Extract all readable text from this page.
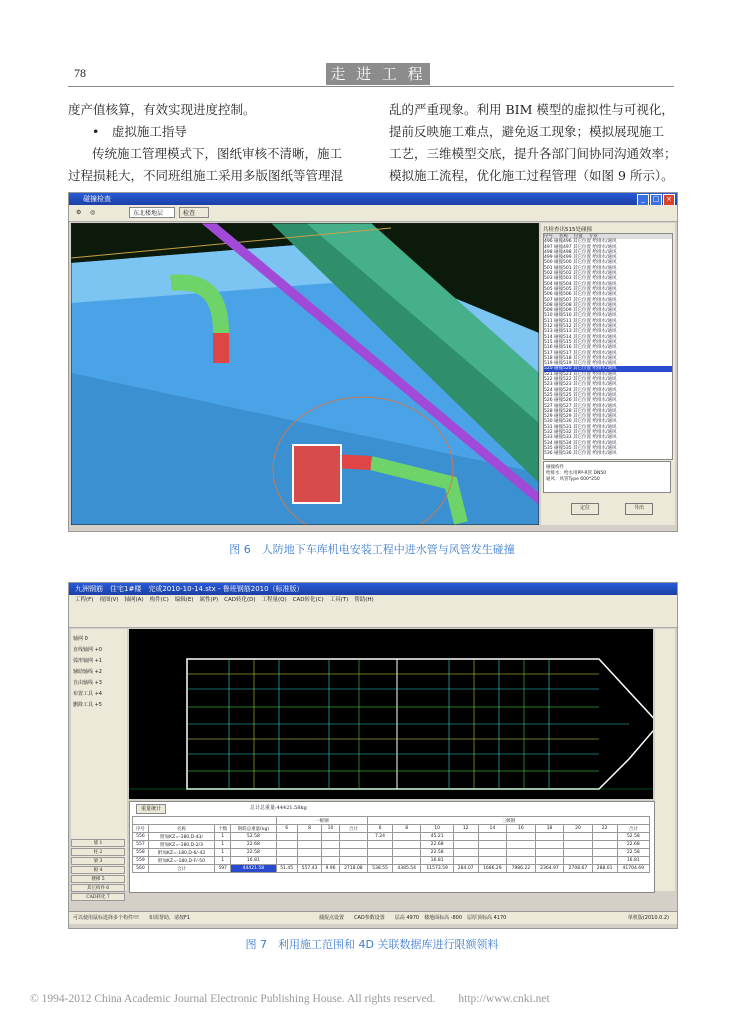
78	走 进 工 程

度产值核算，有效实现进度控制。

•　虚拟施工指导

传统施工管理模式下，图纸审核不清晰，施工

过程损耗大，不同班组施工采用多版图纸等管理混

乱的严重现象。利用 BIM 模型的虚拟性与可视化，

提前反映施工难点，避免返工现象；模拟展现施工

工艺，三维模型交底，提升各部门间协同沟通效率；

模拟施工流程，优化施工过程管理（如图 9 所示）。

碰撞检查	_	□ ×
⚙	◎	东北楼地层	检查
共检查出515处碰撞
序号　 名称　 位置　 专业
496 碰撞496 其它位置 给排水/通风
497 碰撞497 其它位置 给排水/通风
498 碰撞498 其它位置 给排水/通风
499 碰撞499 其它位置 给排水/通风
500 碰撞500 其它位置 给排水/通风
501 碰撞501 其它位置 给排水/通风
502 碰撞502 其它位置 给排水/通风
503 碰撞503 其它位置 给排水/通风
504 碰撞504 其它位置 给排水/通风
505 碰撞505 其它位置 给排水/通风
506 碰撞506 其它位置 给排水/通风
507 碰撞507 其它位置 给排水/通风
508 碰撞508 其它位置 给排水/通风
509 碰撞509 其它位置 给排水/通风
510 碰撞510 其它位置 给排水/通风
511 碰撞511 其它位置 给排水/通风
512 碰撞512 其它位置 给排水/通风
513 碰撞513 其它位置 给排水/通风
514 碰撞514 其它位置 给排水/通风
515 碰撞515 其它位置 给排水/通风
516 碰撞516 其它位置 给排水/通风
517 碰撞517 其它位置 给排水/通风
518 碰撞518 其它位置 给排水/通风
519 碰撞519 其它位置 给排水/通风
520 碰撞520 其它位置 给排水/通风
521 碰撞521 其它位置 给排水/通风
522 碰撞522 其它位置 给排水/通风
523 碰撞523 其它位置 给排水/通风
524 碰撞524 其它位置 给排水/通风
525 碰撞525 其它位置 给排水/通风
526 碰撞526 其它位置 给排水/通风
527 碰撞527 其它位置 给排水/通风
528 碰撞528 其它位置 给排水/通风
529 碰撞529 其它位置 给排水/通风
530 碰撞530 其它位置 给排水/通风
531 碰撞531 其它位置 给排水/通风
532 碰撞532 其它位置 给排水/通风
533 碰撞533 其它位置 给排水/通风
534 碰撞534 其它位置 给排水/通风
535 碰撞535 其它位置 给排水/通风
536 碰撞536 其它位置 给排水/通风
碰撞构件
给排水：给水用PP-R管 DN50
通风：风管Type 600*250
定位	导出
图 6　人防地下车库机电安装工程中进水管与风管发生碰撞
九洲钢筋　住宅1#楼　完成2010-10-14.stx - 鲁班钢筋2010（标准版）
工程(F) 视图(V) 轴网(A) 构件(C) 编辑(E) 属性(P) CAD转化(D) 工程量(Q) CAD转化(C) 工具(T) 帮助(H)
轴网 0
直线轴网 +0
弧形轴网 +1
辅助轴线 +2
自由轴线 +3
布置工具 +4
删除工具 +5
重量统计	总计总重量:44421.58kg
				一级钢				三级钢									
序号	名称	个数	钢筋总重量(kg)	6	8	10	合计	6	8	10	12	14	16	18	20	22	合计
556	附加KZ=-180,D-43/	1	52.58					7.24		45.21							52.58
557	附加KZ=-180,D-2/3	1	22.68							22.68							22.68
558	附加KZ=-180,D-6/-43	1	22.58							22.58							22.58
559	附加KZ=-180,D-F/-50	1	16.81							16.81							16.81
560	合计	597	44421.58	51.45	557.43	9.96	2718.08	538.55	4385.54	11573.59	284.07	1686.29	7986.22	2364.97	2708.67	288.01	41704.69
可以使用鼠标选择多个构件!!!　　如需帮助，请按F1	捕捉点设置　　CAD参数设置　　层高 4970　楼地面标高 -800　层厚顶标高 4170	单机版(2010.0.2)
墙 1
柱 2
梁 3
板 4
楼梯 5
其它构件 6
CAD转化 7
图 7　利用施工范围和 4D 关联数据库进行限额领料
© 1994-2012 China Academic Journal Electronic Publishing House. All rights reserved.　　http://www.cnki.net
